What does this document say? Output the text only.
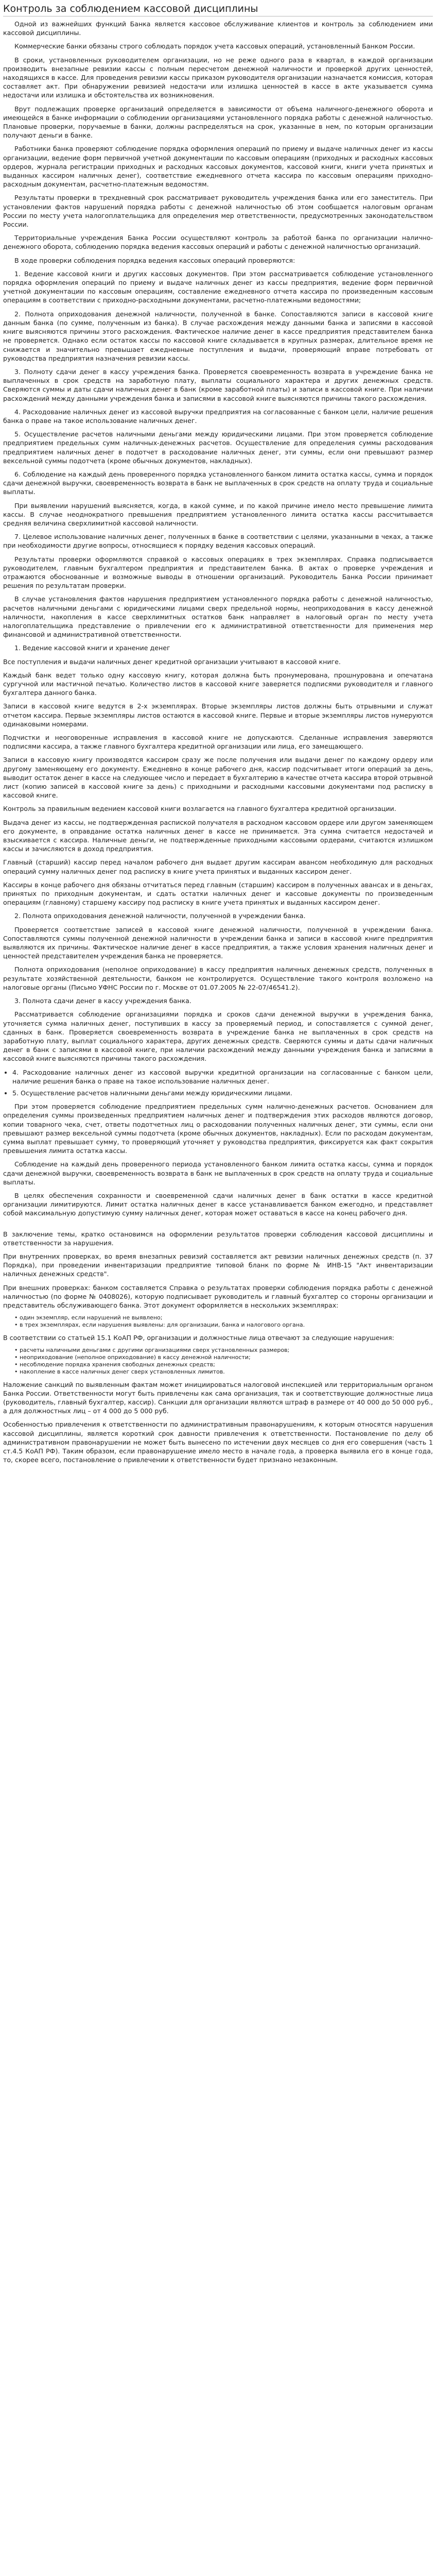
Контроль за соблюдением кассовой дисциплины

Одной из важнейших функций Банка является кассовое обслуживание клиентов и контроль за соблюдением ими кассовой дисциплины.

Коммерческие банки обязаны строго соблюдать порядок учета кассовых операций, установленный Банком России.

В сроки, установленных руководителем организации, но не реже одного раза в квартал, в каждой организации производить внезапные ревизии кассы с полным пересчетом денежной наличности и проверкой других ценностей, находящихся в кассе. Для проведения ревизии кассы приказом руководителя организации назначается комиссия, которая составляет акт. При обнаружении ревизией недостачи или излишка ценностей в кассе в акте указывается сумма недостачи или излишка и обстоятельства их возникновения.

Врут подлежащих проверке организаций определяется в зависимости от объема наличного-денежного оборота и имеющейся в банке информации о соблюдении организациями установленного порядка работы с денежной наличностью. Плановые проверки, поручаемые в банки, должны распределяться на срок, указанные в нем, по которым организации получают деньги в банке.

Работники банка проверяют соблюдение порядка оформления операций по приему и выдаче наличных денег из кассы организации, ведение форм первичной учетной документации по кассовым операциям (приходных и расходных кассовых ордеров, журнала регистрации приходных и расходных кассовых документов, кассовой книги, книги учета принятых и выданных кассиром наличных денег), соответствие ежедневного отчета кассира по кассовым операциям приходно-расходным документам, расчетно-платежным ведомостям.

Результаты проверки в трехдневный срок рассматривает руководитель учреждения банка или его заместитель. При установлении фактов нарушений порядка работы с денежной наличностью об этом сообщается налоговым органам России по месту учета налогоплательщика для определения мер ответственности, предусмотренных законодательством России.

Территориальные учреждения Банка России осуществляют контроль за работой банка по организации налично-денежного оборота, соблюдению порядка ведения кассовых операций и работы с денежной наличностью организаций.

В ходе проверки соблюдения порядка ведения кассовых операций проверяются:

1. Ведение кассовой книги и других кассовых документов. При этом рассматривается соблюдение установленного порядка оформления операций по приему и выдаче наличных денег из кассы предприятия, ведение форм первичной учетной документации по кассовым операциям, составление ежедневного отчета кассира по произведенным кассовым операциям в соответствии с приходно-расходными документами, расчетно-платежными ведомостями;

2. Полнота оприходования денежной наличности, полученной в банке. Сопоставляются записи в кассовой книге данным банка (по сумме, полученным из банка). В случае расхождения между данными банка и записями в кассовой книге выясняются причины этого расхождения. Фактическое наличие денег в кассе предприятия представителем банка не проверяется. Однако если остаток кассы по кассовой книге складывается в крупных размерах, длительное время не снижается и значительно превышает ежедневные поступления и выдачи, проверяющий вправе потребовать от руководства предприятия назначения ревизии кассы.

3. Полноту сдачи денег в кассу учреждения банка. Проверяется своевременность возврата в учреждение банка не выплаченных в срок средств на заработную плату, выплаты социального характера и других денежных средств. Сверяются суммы и даты сдачи наличных денег в банк (кроме заработной платы) и записи в кассовой книге. При наличии расхождений между данными учреждения банка и записями в кассовой книге выясняются причины такого расхождения.

4. Расходование наличных денег из кассовой выручки предприятия на согласованные с банком цели, наличие решения банка о праве на такое использование наличных денег.

5. Осуществление расчетов наличными деньгами между юридическими лицами. При этом проверяется соблюдение предприятием предельных сумм наличных-денежных расчетов. Осуществление для определения суммы расходования предприятием наличных денег в подотчет в расходование наличных денег, эти суммы, если они превышают размер вексельной суммы подотчета (кроме обычных документов, накладных).

6. Соблюдение на каждый день проверенного порядка установленного банком лимита остатка кассы, сумма и порядок сдачи денежной выручки, своевременность возврата в банк не выплаченных в срок средств на оплату труда и социальные выплаты.

При выявлении нарушений выясняется, когда, в какой сумме, и по какой причине имело место превышение лимита кассы. В случае неоднократного превышения предприятием установленного лимита остатка кассы рассчитывается средняя величина сверхлимитной кассовой наличности.

7. Целевое использование наличных денег, полученных в банке в соответствии с целями, указанными в чеках, а также при необходимости другие вопросы, относящиеся к порядку ведения кассовых операций.

Результаты проверки оформляются справкой о кассовых операциях в трех экземплярах. Справка подписывается руководителем, главным бухгалтером предприятия и представителем банка. В актах о проверке учреждения и отражаются обоснованные и возможные выводы в отношении организаций. Руководитель Банка России принимает решения по результатам проверки.

В случае установления фактов нарушения предприятием установленного порядка работы с денежной наличностью, расчетов наличными деньгами с юридическими лицами сверх предельной нормы, неоприходования в кассу денежной наличности, накопления в кассе сверхлимитных остатков банк направляет в налоговый орган по месту учета налогоплательщика представление о привлечении его к административной ответственности для применения мер финансовой и административной ответственности.

1. Ведение кассовой книги и хранение денег

Все поступления и выдачи наличных денег кредитной организации учитывают в кассовой книге.

Каждый банк ведет только одну кассовую книгу, которая должна быть пронумерована, прошнурована и опечатана сургучной или мастичной печатью. Количество листов в кассовой книге заверяется подписями руководителя и главного бухгалтера данного банка.

Записи в кассовой книге ведутся в 2-х экземплярах. Вторые экземпляры листов должны быть отрывными и служат отчетом кассира. Первые экземпляры листов остаются в кассовой книге. Первые и вторые экземпляры листов нумеруются одинаковыми номерами.

Подчистки и неоговоренные исправления в кассовой книге не допускаются. Сделанные исправления заверяются подписями кассира, а также главного бухгалтера кредитной организации или лица, его замещающего.

Записи в кассовую книгу производятся кассиром сразу же после получения или выдачи денег по каждому ордеру или другому заменяющему его документу. Ежедневно в конце рабочего дня, кассир подсчитывает итоги операций за день, выводит остаток денег в кассе на следующее число и передает в бухгалтерию в качестве отчета кассира второй отрывной лист (копию записей в кассовой книге за день) с приходными и расходными кассовыми документами под расписку в кассовой книге.

Контроль за правильным ведением кассовой книги возлагается на главного бухгалтера кредитной организации.

Выдача денег из кассы, не подтвержденная распиской получателя в расходном кассовом ордере или другом заменяющем его документе, в оправдание остатка наличных денег в кассе не принимается. Эта сумма считается недостачей и взыскивается с кассира. Наличные деньги, не подтвержденные приходными кассовыми ордерами, считаются излишком кассы и зачисляются в доход предприятия.

Главный (старший) кассир перед началом рабочего дня выдает другим кассирам авансом необходимую для расходных операций сумму наличных денег под расписку в книге учета принятых и выданных кассиром денег.

Кассиры в конце рабочего дня обязаны отчитаться перед главным (старшим) кассиром в полученных авансах и в деньгах, принятых по приходным документам, и сдать остатки наличных денег и кассовые документы по произведенным операциям (главному) старшему кассиру под расписку в книге учета принятых и выданных кассиром денег.

2. Полнота оприходования денежной наличности, полученной в учреждении банка.

Проверяется соответствие записей в кассовой книге денежной наличности, полученной в учреждении банка. Сопоставляются суммы полученной денежной наличности в учреждении банка и записи в кассовой книге предприятия выявляются их причины. Фактическое наличие денег в кассе предприятия, а также условия хранения наличных денег и ценностей представителем учреждения банка не проверяется.

Полнота оприходования (неполное оприходование) в кассу предприятия наличных денежных средств, полученных в результате хозяйственной деятельности, банком не контролируется. Осуществление такого контроля возложено на налоговые органы (Письмо УФНС России по г. Москве от 01.07.2005 № 22-07/46541.2).

3. Полнота сдачи денег в кассу учреждения банка.

Рассматривается соблюдение организациями порядка и сроков сдачи денежной выручки в учреждения банка, уточняется сумма наличных денег, поступивших в кассу за проверяемый период, и сопоставляется с суммой денег, сданных в банк. Проверяется своевременность возврата в учреждение банка не выплаченных в срок средств на заработную плату, выплат социального характера, других денежных средств. Сверяются суммы и даты сдачи наличных денег в банк с записями в кассовой книге, при наличии расхождений между данными учреждения банка и записями в кассовой книге выясняются причины такого расхождения.

• 4. Расходование наличных денег из кассовой выручки кредитной организации на согласованные с банком цели, наличие решения банка о праве на такое использование наличных денег.
• 5. Осуществление расчетов наличными деньгами между юридическими лицами.

При этом проверяется соблюдение предприятием предельных сумм налично-денежных расчетов. Основанием для определения суммы произведенных предприятием наличных денег и подтверждения этих расходов являются договор, копии товарного чека, счет, ответы подотчетных лиц о расходовании полученных наличных денег, эти суммы, если они превышают размер вексельной суммы подотчета (кроме обычных документов, накладных). Если по расходам документам, сумма выплат превышает сумму, то проверяющий уточняет у руководства предприятия, фиксируется как факт сокрытия превышения лимита остатка кассы.

Соблюдение на каждый день проверенного периода установленного банком лимита остатка кассы, сумма и порядок сдачи денежной выручки, своевременность возврата в банк не выплаченных в срок средств на оплату труда и социальные выплаты.

В целях обеспечения сохранности и своевременной сдачи наличных денег в банк остатки в кассе кредитной организации лимитируются. Лимит остатка наличных денег в кассе устанавливается банком ежегодно, и представляет собой максимальную допустимую сумму наличных денег, которая может оставаться в кассе на конец рабочего дня.

В заключение темы, кратко остановимся на оформлении результатов проверки соблюдения кассовой дисциплины и ответственности за нарушения.

При внутренних проверках, во время внезапных ревизий составляется акт ревизии наличных денежных средств (п. 37 Порядка), при проведении инвентаризации предприятие типовой бланк по форме № ИНВ-15 "Акт инвентаризации наличных денежных средств".

При внешних проверках: банком составляется Справка о результатах проверки соблюдения порядка работы с денежной наличностью (по форме № 0408026), которую подписывает руководитель и главный бухгалтер со стороны организации и представитель обслуживающего банка. Этот документ оформляется в нескольких экземплярах:

• один экземпляр, если нарушений не выявлено;
• в трех экземплярах, если нарушения выявлены: для организации, банка и налогового органа.

В соответствии со статьей 15.1 КоАП РФ, организации и должностные лица отвечают за следующие нарушения:

• расчеты наличными деньгами с другими организациями сверх установленных размеров;
• неоприходование (неполное оприходование) в кассу денежной наличности;
• несоблюдение порядка хранения свободных денежных средств;
• накопление в кассе наличных денег сверх установленных лимитов.

Наложение санкций по выявленным фактам может инициироваться налоговой инспекцией или территориальным органом Банка России. Ответственности могут быть привлечены как сама организация, так и соответствующие должностные лица (руководитель, главный бухгалтер, кассир). Санкции для организации являются штраф в размере от 40 000 до 50 000 руб., а для должностных лиц – от 4 000 до 5 000 руб.

Особенностью привлечения к ответственности по административным правонарушениям, к которым относятся нарушения кассовой дисциплины, является короткий срок давности привлечения к ответственности. Постановление по делу об административном правонарушении не может быть вынесено по истечении двух месяцев со дня его совершения (часть 1 ст.4.5 КоАП РФ). Таким образом, если правонарушение имело место в начале года, а проверка выявила его в конце года, то, скорее всего, постановление о привлечении к ответственности будет признано незаконным.
